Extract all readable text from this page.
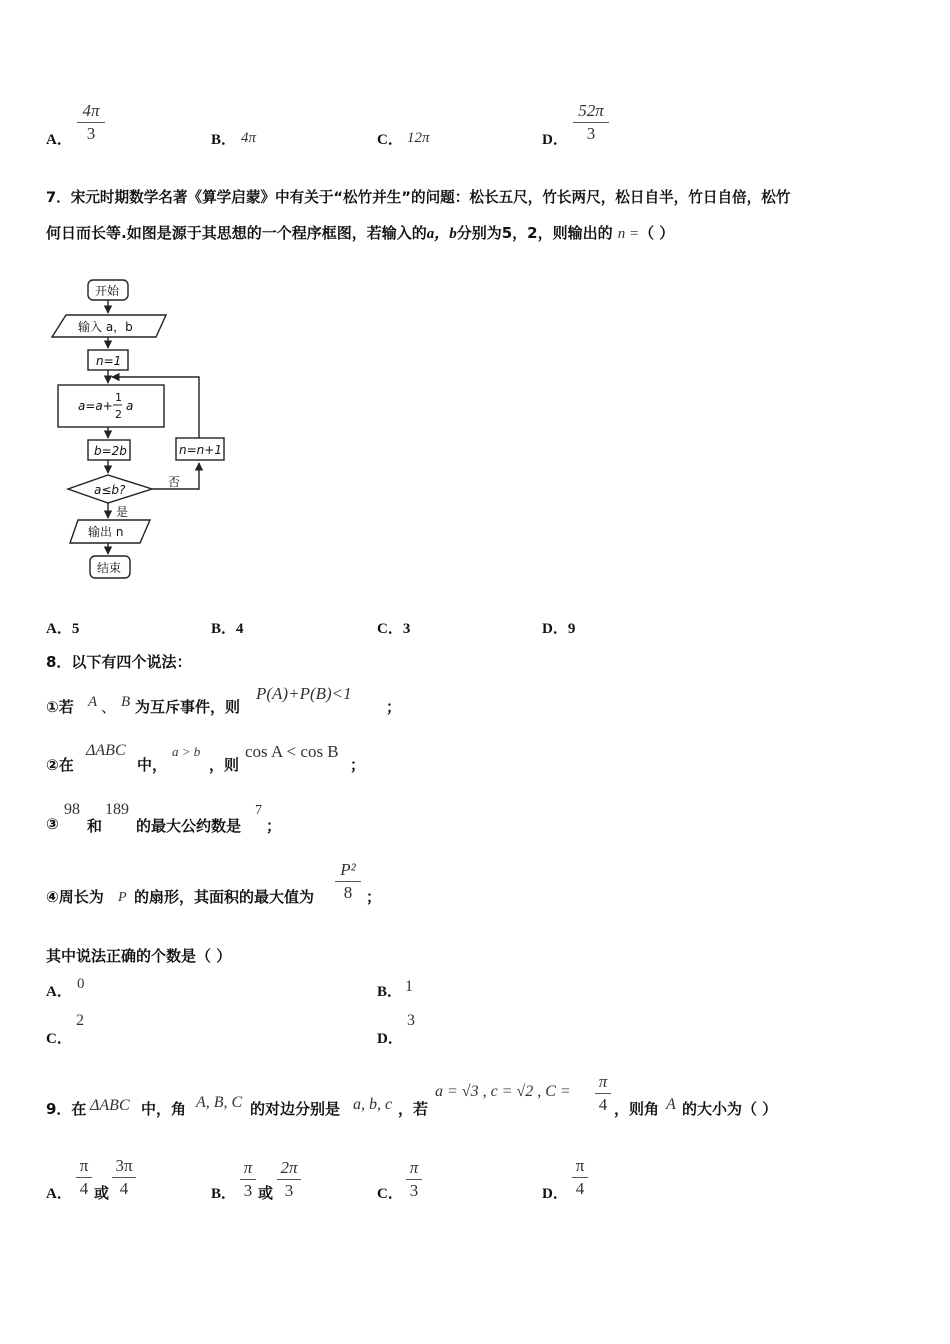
A．
4π
3	B． 4π	C． 12π	D．
52π
3
7．宋元时期数学名著《算学启蒙》中有关于“松竹并生”的问题：松长五尺，竹长两尺，松日自半，竹日自倍，松竹
何日而长等.如图是源于其思想的一个程序框图，若输入的a，b分别为5，2，则输出的 n =（ ）
开始
输入 a，b
n=1
a=a+
1
2
a
b=2b
a≤b?
否
是
n=n+1
输出 n
结束
A．5	B．4	C．3	D．9
8．以下有四个说法：
①若 A 、 B 为互斥事件，则
P(A)+P(B)<1
；
②在
ΔABC
中，
a > b
，则
cos A < cos B
；
③
98
和
189
的最大公约数是
7
；
④周长为 P 的扇形，其面积的最大值为
P²
8 ；
其中说法正确的个数是（ ）
A． 0	B． 1
C．
2
D．
3
9．在 ΔABC 中，角 A, B, C 的对边分别是 a, b, c ，若
a = √3 , c = √2 , C =
π
4 ，则角 A 的大小为（ ）
A．
π
4 或
3π
4	B．
π
3 或
2π
3	C．
π
3	D．
π
4
